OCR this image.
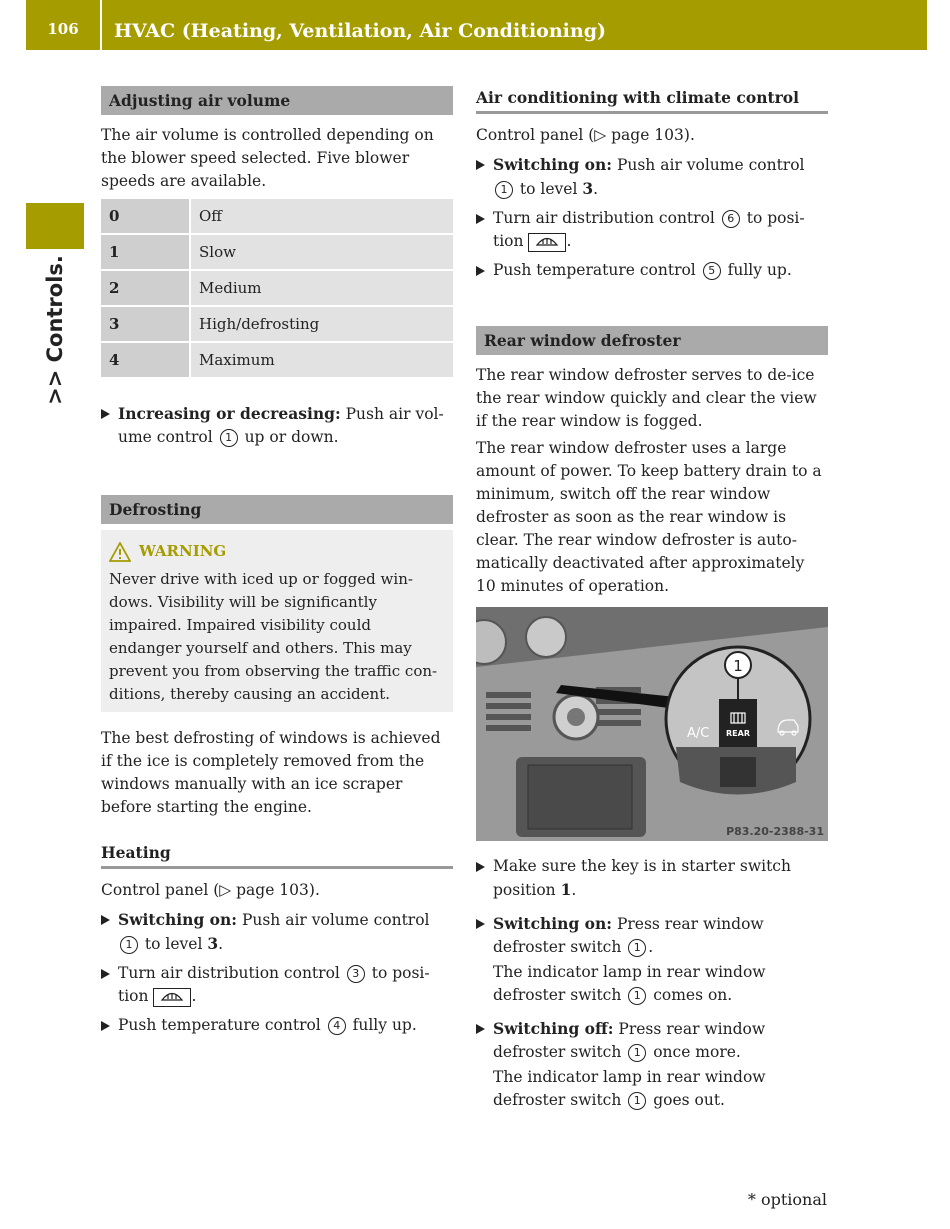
106	HVAC (Heating, Ventilation, Air Conditioning)
>> Controls.
Adjusting air volume

The air volume is controlled depending on the blower speed selected. Five blower speeds are available.

0	Off
1	Slow
2	Medium
3	High/defrosting
4	Maximum
Increasing or decreasing: Push air vol-ume control 1 up or down.
Defrosting
WARNING

Never drive with iced up or fogged win-dows. Visibility will be significantly impaired. Impaired visibility could endanger yourself and others. This may prevent you from observing the traffic con-ditions, thereby causing an accident.

The best defrosting of windows is achieved if the ice is completely removed from the windows manually with an ice scraper before starting the engine.

Heating

Control panel (▷ page 103).

Switching on: Push air volume control 1 to level 3.
Turn air distribution control 3 to posi-tion .
Push temperature control 4 fully up.
Air conditioning with climate control

Control panel (▷ page 103).

Switching on: Push air volume control 1 to level 3.
Turn air distribution control 6 to posi-tion .
Push temperature control 5 fully up.
Rear window defroster

The rear window defroster serves to de-ice the rear window quickly and clear the view if the rear window is fogged.

The rear window defroster uses a large amount of power. To keep battery drain to a minimum, switch off the rear window defroster as soon as the rear window is clear. The rear window defroster is auto-matically deactivated after approximately 10 minutes of operation.

1
A/C REAR
P83.20-2388-31
Make sure the key is in starter switch position 1.
Switching on: Press rear window defroster switch 1 .
The indicator lamp in rear window defroster switch 1 comes on.
Switching off: Press rear window defroster switch 1 once more.
The indicator lamp in rear window defroster switch 1 goes out.
* optional
